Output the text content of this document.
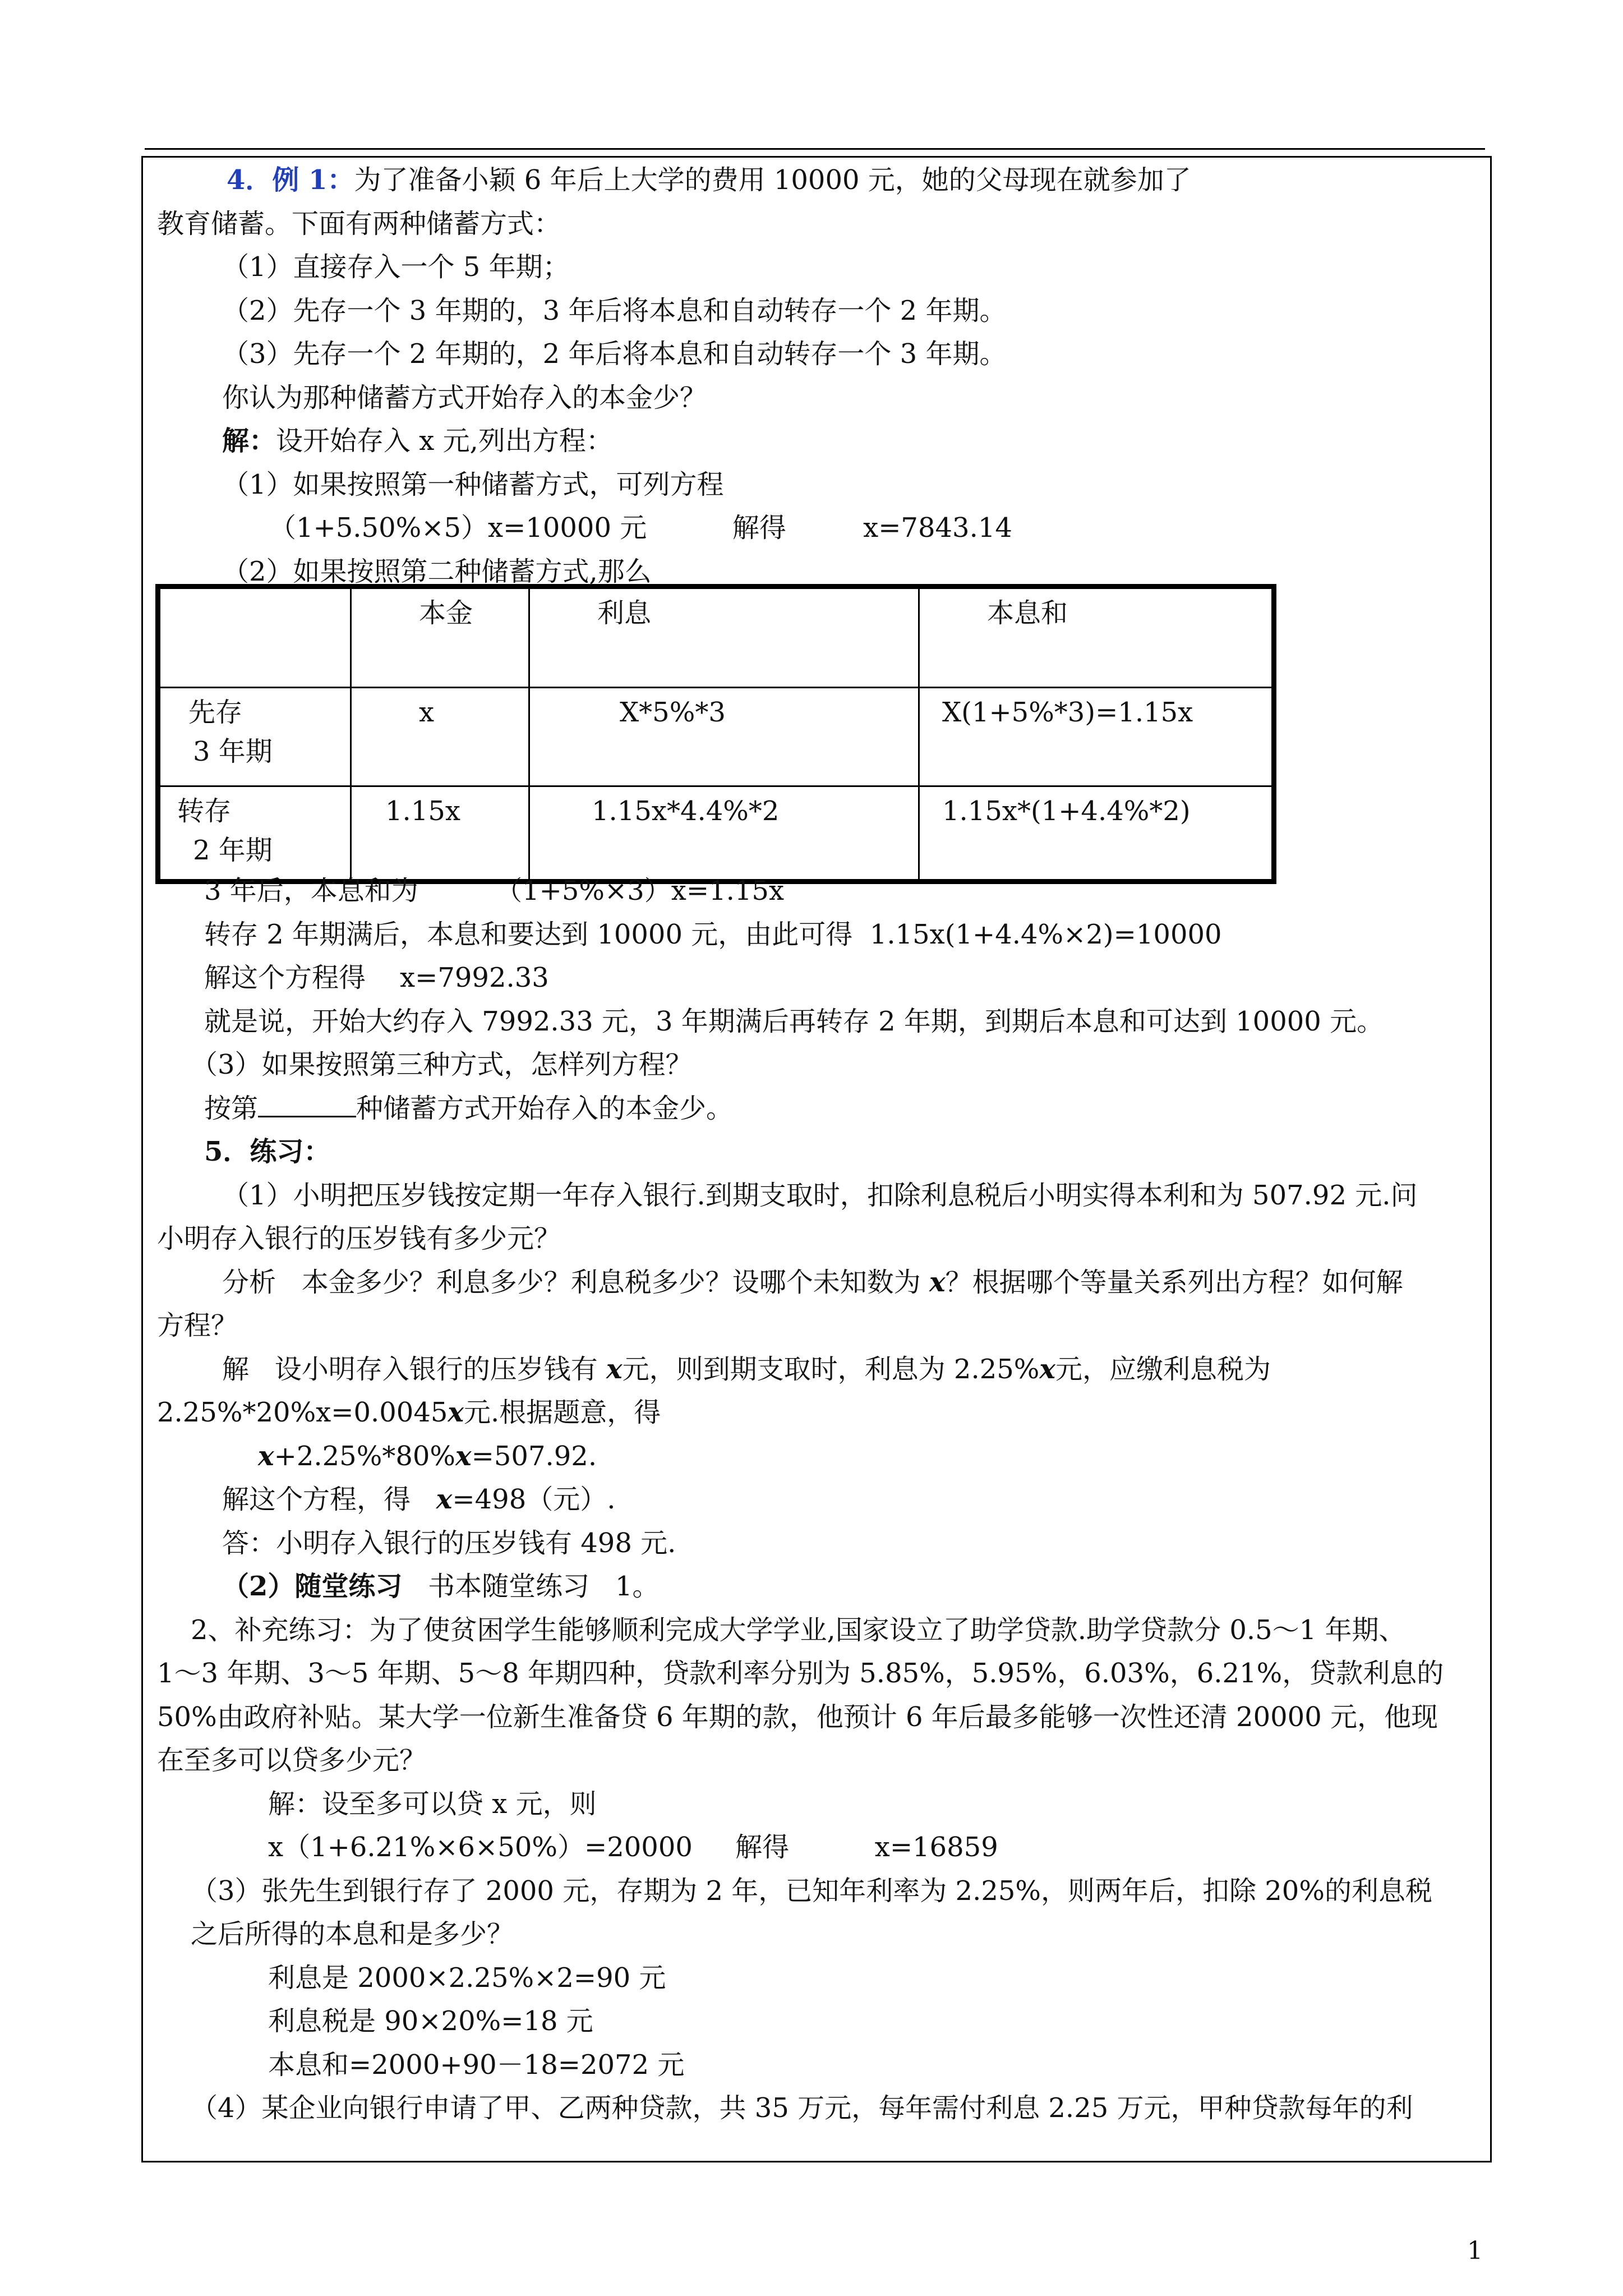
4．例 1：为了准备小颖 6 年后上大学的费用 10000 元，她的父母现在就参加了
教育储蓄。下面有两种储蓄方式：
（1）直接存入一个 5 年期；
（2）先存一个 3 年期的，3 年后将本息和自动转存一个 2 年期。
（3）先存一个 2 年期的，2 年后将本息和自动转存一个 3 年期。
你认为那种储蓄方式开始存入的本金少？
解：设开始存入 x 元,列出方程：
（1）如果按照第一种储蓄方式，可列方程
（1+5.50%×5）x=10000 元          解得         x=7843.14
（2）如果按照第二种储蓄方式,那么
	本金	利息	本息和

先存
3 年期	x	X*5%*3	X(1+5%*3)=1.15x

转存
2 年期	1.15x	1.15x*4.4%*2	1.15x*(1+4.4%*2)
3 年后，本息和为         （1+5%×3）x=1.15x
转存 2 年期满后，本息和要达到 10000 元，由此可得  1.15x(1+4.4%×2)=10000
解这个方程得    x=7992.33
就是说，开始大约存入 7992.33 元，3 年期满后再转存 2 年期，到期后本息和可达到 10000 元。
（3）如果按照第三种方式，怎样列方程？
按第	种储蓄方式开始存入的本金少。
5．练习：
（1）小明把压岁钱按定期一年存入银行.到期支取时，扣除利息税后小明实得本利和为 507.92 元.问
小明存入银行的压岁钱有多少元？
分析   本金多少？利息多少？利息税多少？设哪个未知数为 x？根据哪个等量关系列出方程？如何解
方程？
解   设小明存入银行的压岁钱有 x元，则到期支取时，利息为 2.25%x元，应缴利息税为
2.25%*20%x=0.0045x元.根据题意，得
x+2.25%*80%x=507.92.
解这个方程，得   x=498（元）.
答：小明存入银行的压岁钱有 498 元.
（2）随堂练习   书本随堂练习   1。
2、补充练习：为了使贫困学生能够顺利完成大学学业,国家设立了助学贷款.助学贷款分 0.5～1 年期、
1～3 年期、3～5 年期、5～8 年期四种，贷款利率分别为 5.85%，5.95%，6.03%，6.21%，贷款利息的
50%由政府补贴。某大学一位新生准备贷 6 年期的款，他预计 6 年后最多能够一次性还清 20000 元，他现
在至多可以贷多少元？
解：设至多可以贷 x 元，则
x（1+6.21%×6×50%）=20000     解得          x=16859
（3）张先生到银行存了 2000 元，存期为 2 年，已知年利率为 2.25%，则两年后，扣除 20%的利息税
之后所得的本息和是多少？
利息是 2000×2.25%×2=90 元
利息税是 90×20%=18 元
本息和=2000+90－18=2072 元
（4）某企业向银行申请了甲、乙两种贷款，共 35 万元，每年需付利息 2.25 万元，甲种贷款每年的利
1
